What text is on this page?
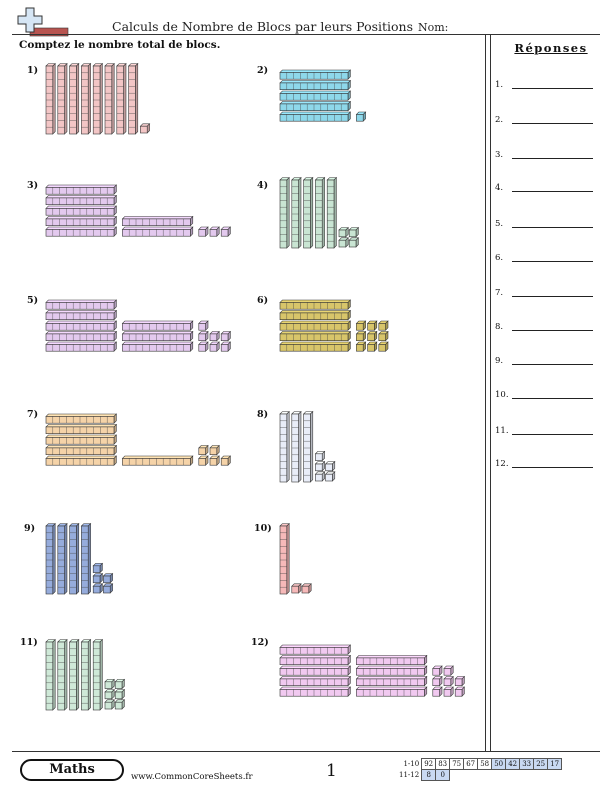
Calculs de Nombre de Blocs par leurs Positions Nom:
Comptez le nombre total de blocs.	Réponses
1.
2.
3.
4.
5.
6.
7.
8.
9.
10.
11.
12.
1)	2)
3)	4)
5)	6)
7)	8)
9)	10)
11)	12)
Maths	www.CommonCoreSheets.fr	1	1-10	92	83	75	67	58	50	42	33	25	17
11-12	8	0								
